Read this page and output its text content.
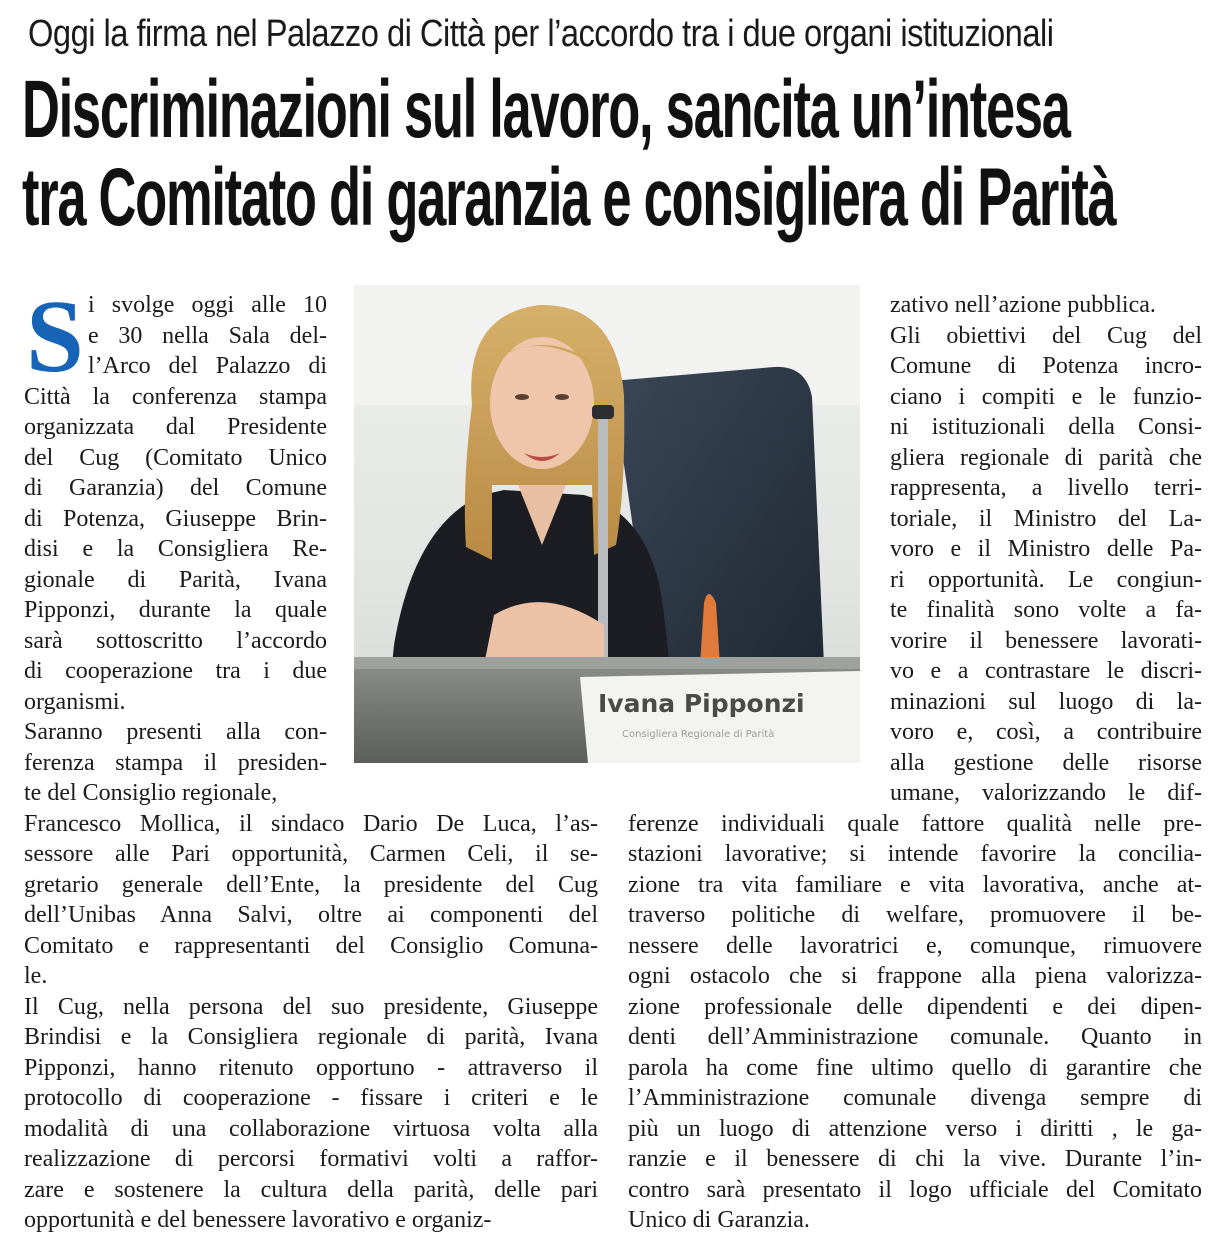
Oggi la firma nel Palazzo di Città per l’accordo tra i due organi istituzionali
Discriminazioni sul lavoro, sancita un’intesa
tra Comitato di garanzia e consigliera di Parità
S i svolge oggi alle 10
e 30 nella Sala del-
l’Arco del Palazzo di
Città la conferenza stampa
organizzata dal Presidente
del Cug (Comitato Unico
di Garanzia) del Comune
di Potenza, Giuseppe Brin-
disi e la Consigliera Re-
gionale di Parità, Ivana
Pipponzi, durante la quale
sarà sottoscritto l’accordo
di cooperazione tra i due
organismi.
Saranno presenti alla con-
ferenza stampa il presiden-
te del Consiglio regionale,
Francesco Mollica, il sindaco Dario De Luca, l’as-
sessore alle Pari opportunità, Carmen Celi, il se-
gretario generale dell’Ente, la presidente del Cug
dell’Unibas Anna Salvi, oltre ai componenti del
Comitato e rappresentanti del Consiglio Comuna-
le.
Il Cug, nella persona del suo presidente, Giuseppe
Brindisi e la Consigliera regionale di parità, Ivana
Pipponzi, hanno ritenuto opportuno - attraverso il
protocollo di cooperazione - fissare i criteri e le
modalità di una collaborazione virtuosa volta alla
realizzazione di percorsi formativi volti a raffor-
zare e sostenere la cultura della parità, delle pari
opportunità e del benessere lavorativo e organiz-
zativo nell’azione pubblica.
Gli obiettivi del Cug del
Comune di Potenza incro-
ciano i compiti e le funzio-
ni istituzionali della Consi-
gliera regionale di parità che
rappresenta, a livello terri-
toriale, il Ministro del La-
voro e il Ministro delle Pa-
ri opportunità. Le congiun-
te finalità sono volte a fa-
vorire il benessere lavorati-
vo e a contrastare le discri-
minazioni sul luogo di la-
voro e, così, a contribuire
alla gestione delle risorse
umane, valorizzando le dif-
ferenze individuali quale fattore qualità nelle pre-
stazioni lavorative; si intende favorire la concilia-
zione tra vita familiare e vita lavorativa, anche at-
traverso politiche di welfare, promuovere il be-
nessere delle lavoratrici e, comunque, rimuovere
ogni ostacolo che si frappone alla piena valorizza-
zione professionale delle dipendenti e dei dipen-
denti dell’Amministrazione comunale. Quanto in
parola ha come fine ultimo quello di garantire che
l’Amministrazione comunale divenga sempre di
più un luogo di attenzione verso i diritti , le ga-
ranzie e il benessere di chi la vive. Durante l’in-
contro sarà presentato il logo ufficiale del Comitato
Unico di Garanzia.
Ivana Pipponzi
Consigliera Regionale di Parità
